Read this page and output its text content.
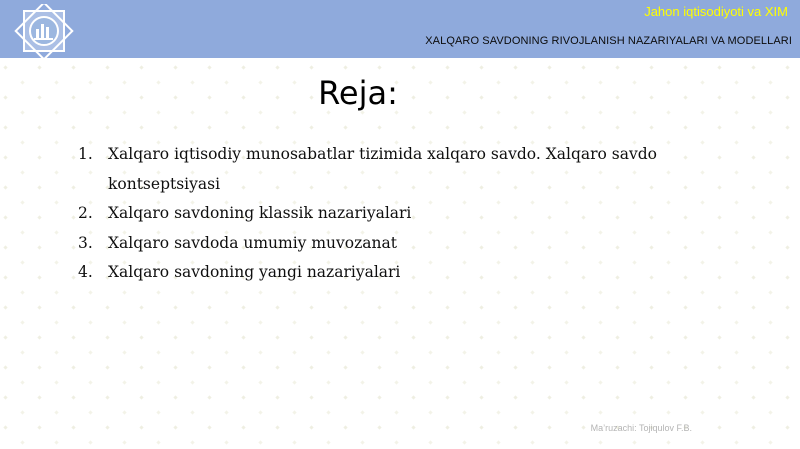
Jahon iqtisodiyoti va XIM
XALQARO SAVDONING RIVOJLANISH NAZARIYALARI VA MODELLARI
Reja:
1. Xalqaro iqtisodiy munosabatlar tizimida xalqaro savdo. Xalqaro savdo kontseptsiyasi
2. Xalqaro savdoning klassik nazariyalari
3. Xalqaro savdoda umumiy muvozanat
4. Xalqaro savdoning yangi nazariyalari
Ma’ruzachi: Tojiqulov F.B.
